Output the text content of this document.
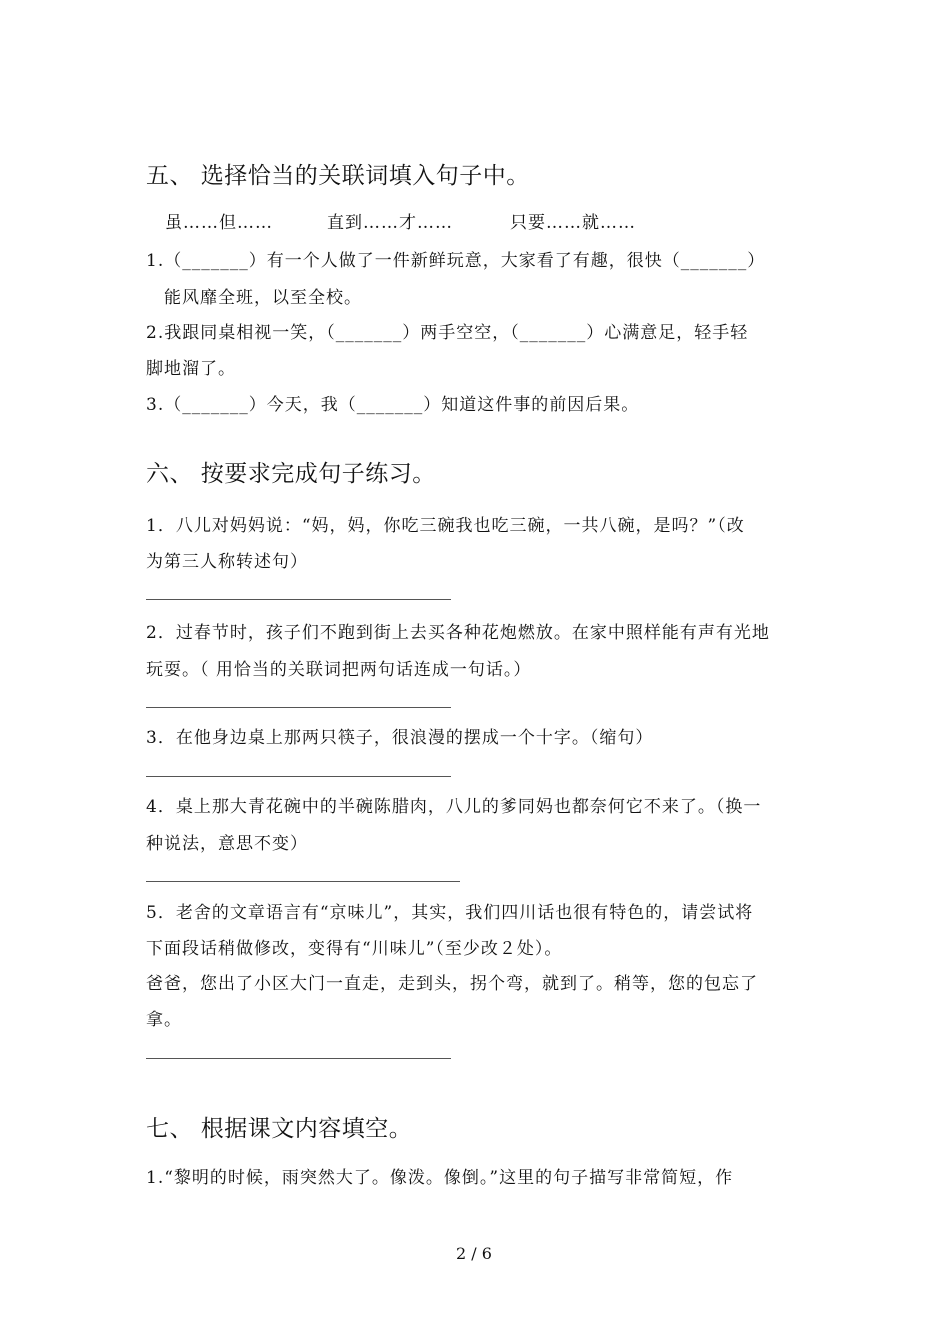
五、 选择恰当的关联词填入句子中。
虽……但……	直到……才……	只要……就……
1.（_______）有一个人做了一件新鲜玩意，大家看了有趣，很快（_______）
能风靡全班，以至全校。
2.我跟同桌相视一笑，（_______）两手空空，（_______）心满意足，轻手轻
脚地溜了。
3.（_______）今天，我（_______）知道这件事的前因后果。
六、 按要求完成句子练习。
1．八儿对妈妈说：“妈，妈，你吃三碗我也吃三碗，一共八碗，是吗？”（改
为第三人称转述句）
2．过春节时，孩子们不跑到街上去买各种花炮燃放。在家中照样能有声有光地
玩耍。（ 用恰当的关联词把两句话连成一句话。）
3．在他身边桌上那两只筷子，很浪漫的摆成一个十字。（缩句）
4．桌上那大青花碗中的半碗陈腊肉，八儿的爹同妈也都奈何它不来了。（换一
种说法，意思不变）
5．老舍的文章语言有“京味儿”，其实，我们四川话也很有特色的，请尝试将
下面段话稍做修改，变得有“川味儿”（至少改２处）。
爸爸，您出了小区大门一直走，走到头，拐个弯，就到了。稍等，您的包忘了
拿。
七、 根据课文内容填空。
1.“黎明的时候，雨突然大了。像泼。像倒。”这里的句子描写非常简短，作
2 / 6
